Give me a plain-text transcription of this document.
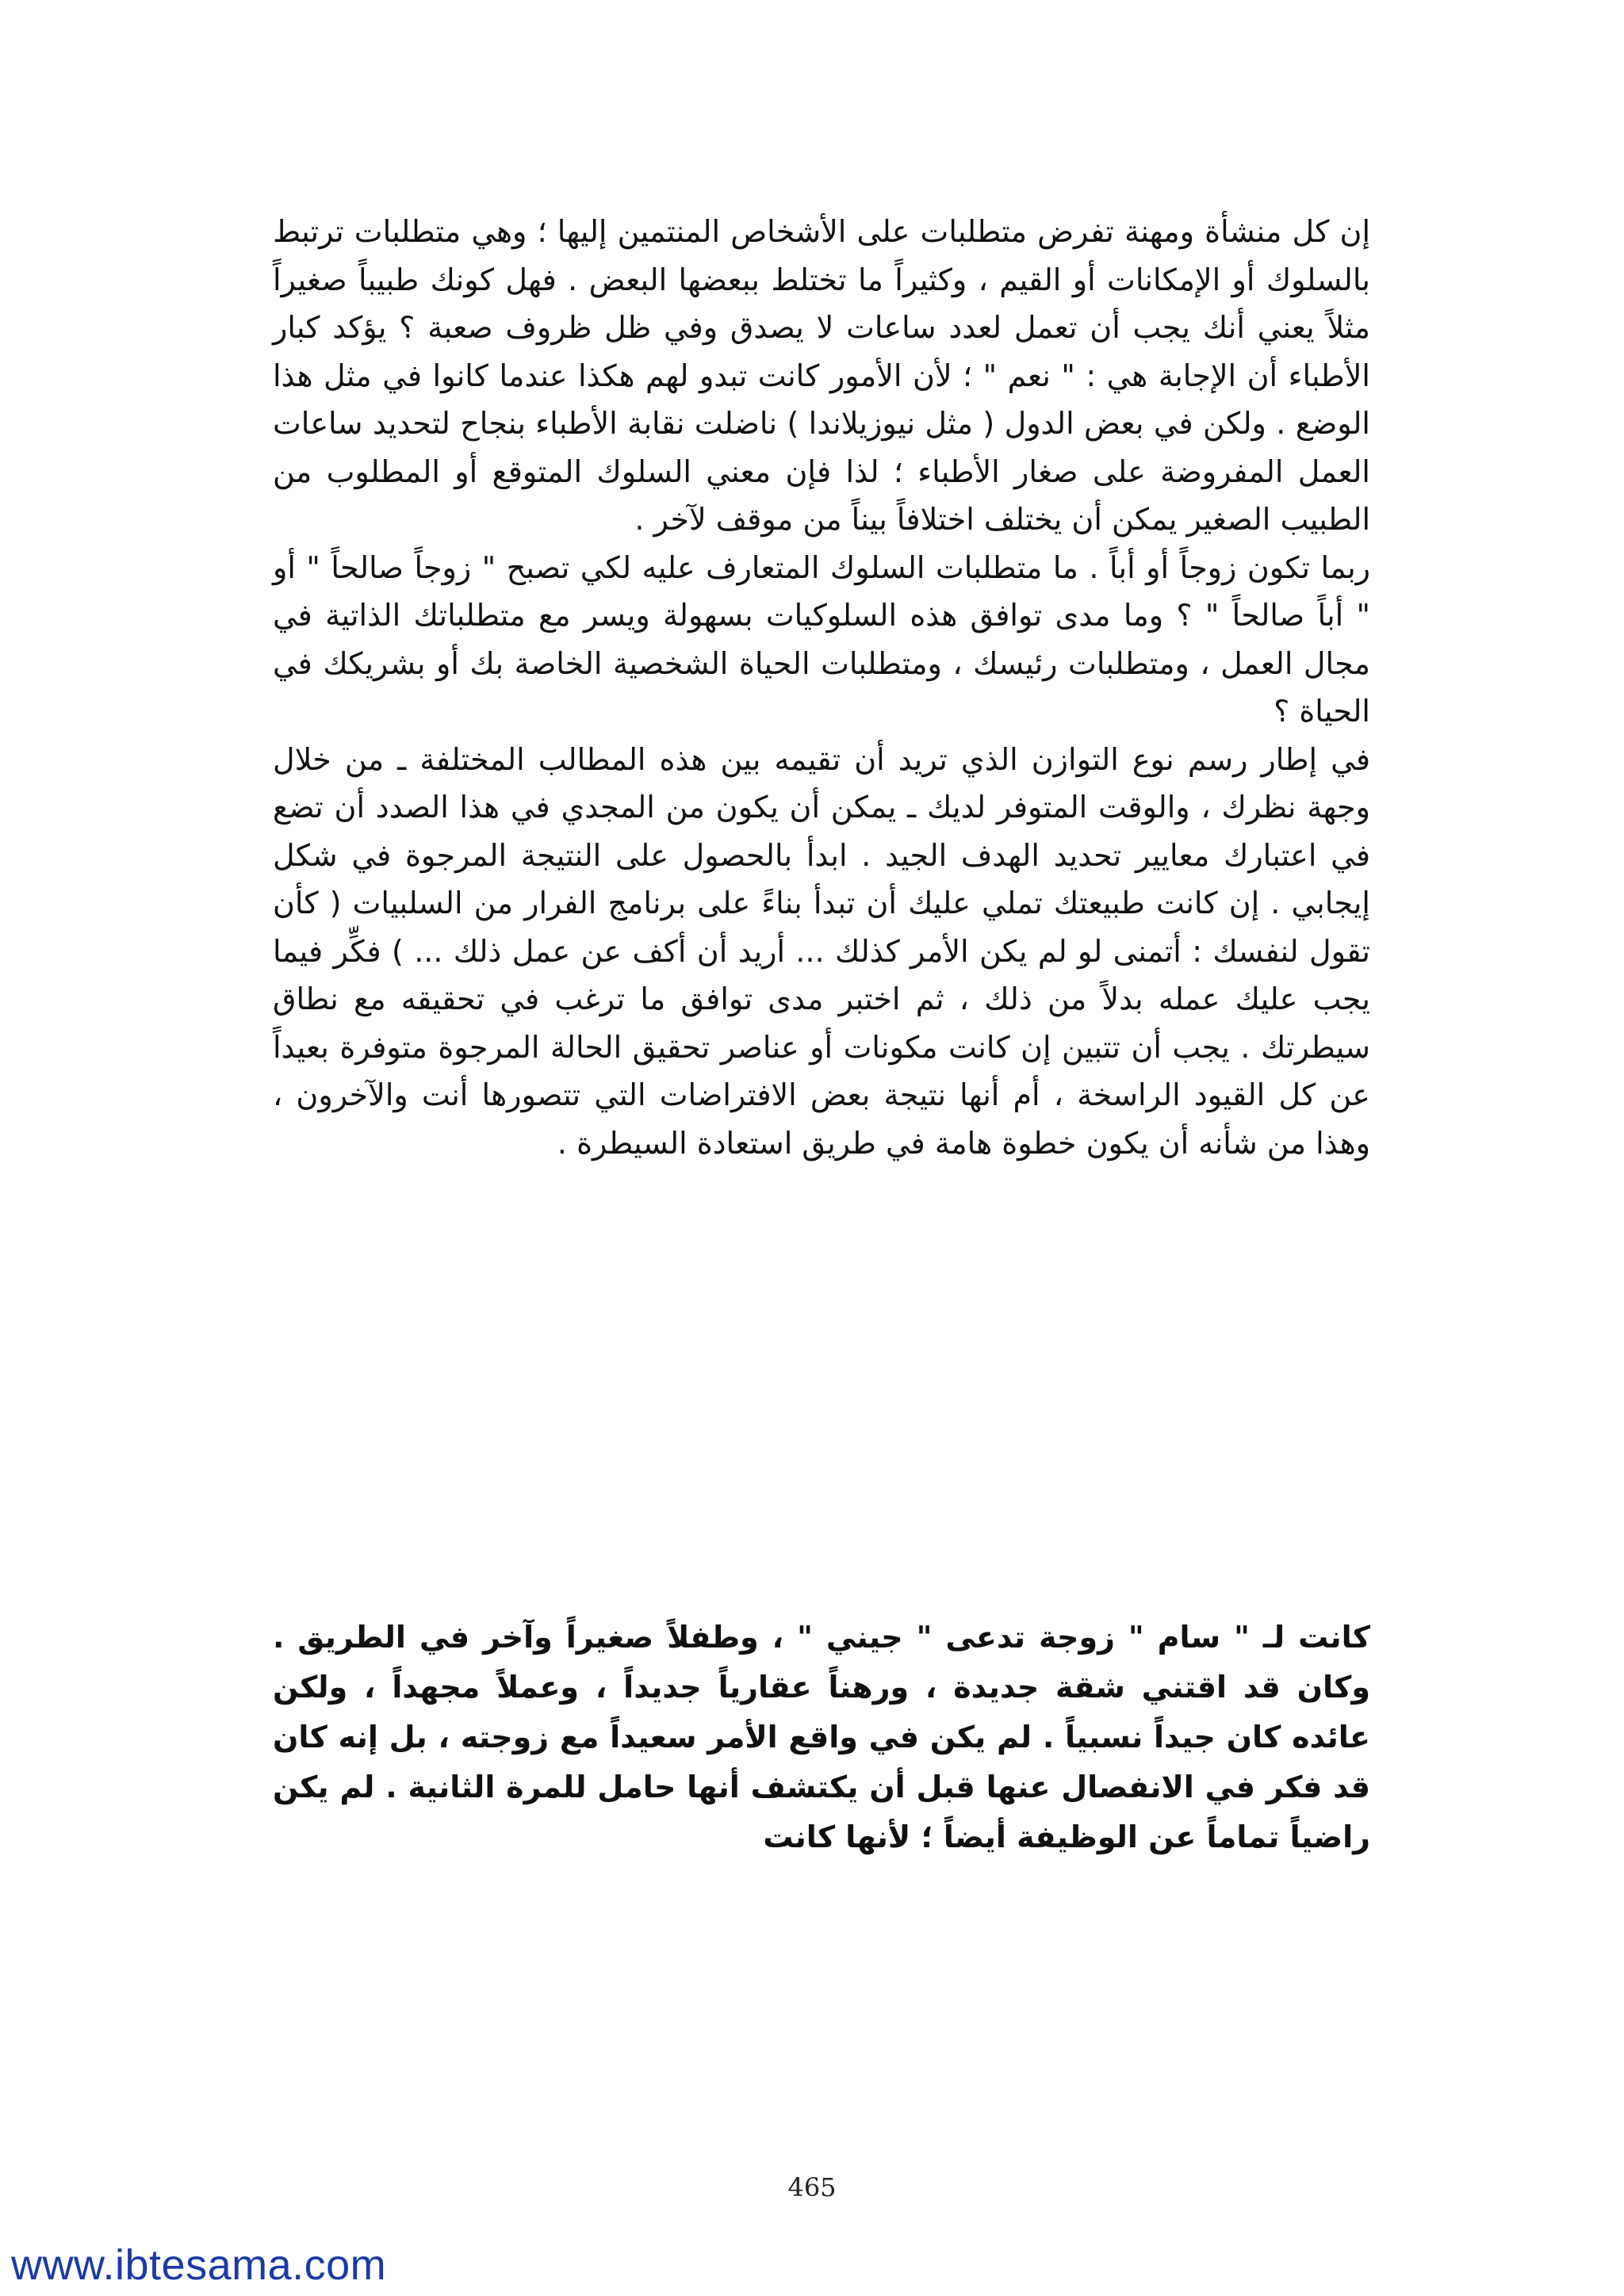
إن كل منشأة ومهنة تفرض متطلبات على الأشخاص المنتمين إليها ؛ وهي متطلبات ترتبط بالسلوك أو الإمكانات أو القيم ، وكثيراً ما تختلط ببعضها البعض . فهل كونك طبيباً صغيراً مثلاً يعني أنك يجب أن تعمل لعدد ساعات لا يصدق وفي ظل ظروف صعبة ؟ يؤكد كبار الأطباء أن الإجابة هي : " نعم " ؛ لأن الأمور كانت تبدو لهم هكذا عندما كانوا في مثل هذا الوضع . ولكن في بعض الدول ( مثل نيوزيلاندا ) ناضلت نقابة الأطباء بنجاح لتحديد ساعات العمل المفروضة على صغار الأطباء ؛ لذا فإن معني السلوك المتوقع أو المطلوب من الطبيب الصغير يمكن أن يختلف اختلافاً بيناً من موقف لآخر .

ربما تكون زوجاً أو أباً . ما متطلبات السلوك المتعارف عليه لكي تصبح " زوجاً صالحاً " أو " أباً صالحاً " ؟ وما مدى توافق هذه السلوكيات بسهولة ويسر مع متطلباتك الذاتية في مجال العمل ، ومتطلبات رئيسك ، ومتطلبات الحياة الشخصية الخاصة بك أو بشريكك في الحياة ؟

في إطار رسم نوع التوازن الذي تريد أن تقيمه بين هذه المطالب المختلفة ـ من خلال وجهة نظرك ، والوقت المتوفر لديك ـ يمكن أن يكون من المجدي في هذا الصدد أن تضع في اعتبارك معايير تحديد الهدف الجيد . ابدأ بالحصول على النتيجة المرجوة في شكل إيجابي . إن كانت طبيعتك تملي عليك أن تبدأ بناءً على برنامج الفرار من السلبيات ( كأن تقول لنفسك : أتمنى لو لم يكن الأمر كذلك ... أريد أن أكف عن عمل ذلك ... ) فكِّر فيما يجب عليك عمله بدلاً من ذلك ، ثم اختبر مدى توافق ما ترغب في تحقيقه مع نطاق سيطرتك . يجب أن تتبين إن كانت مكونات أو عناصر تحقيق الحالة المرجوة متوفرة بعيداً عن كل القيود الراسخة ، أم أنها نتيجة بعض الافتراضات التي تتصورها أنت والآخرون ، وهذا من شأنه أن يكون خطوة هامة في طريق استعادة السيطرة .

كانت لـ " سام " زوجة تدعى " جيني " ، وطفلاً صغيراً وآخر في الطريق . وكان قد اقتني شقة جديدة ، ورهناً عقارياً جديداً ، وعملاً مجهداً ، ولكن عائده كان جيداً نسبياً . لم يكن في واقع الأمر سعيداً مع زوجته ، بل إنه كان قد فكر في الانفصال عنها قبل أن يكتشف أنها حامل للمرة الثانية . لم يكن راضياً تماماً عن الوظيفة أيضاً ؛ لأنها كانت

465
www.ibtesama.com
